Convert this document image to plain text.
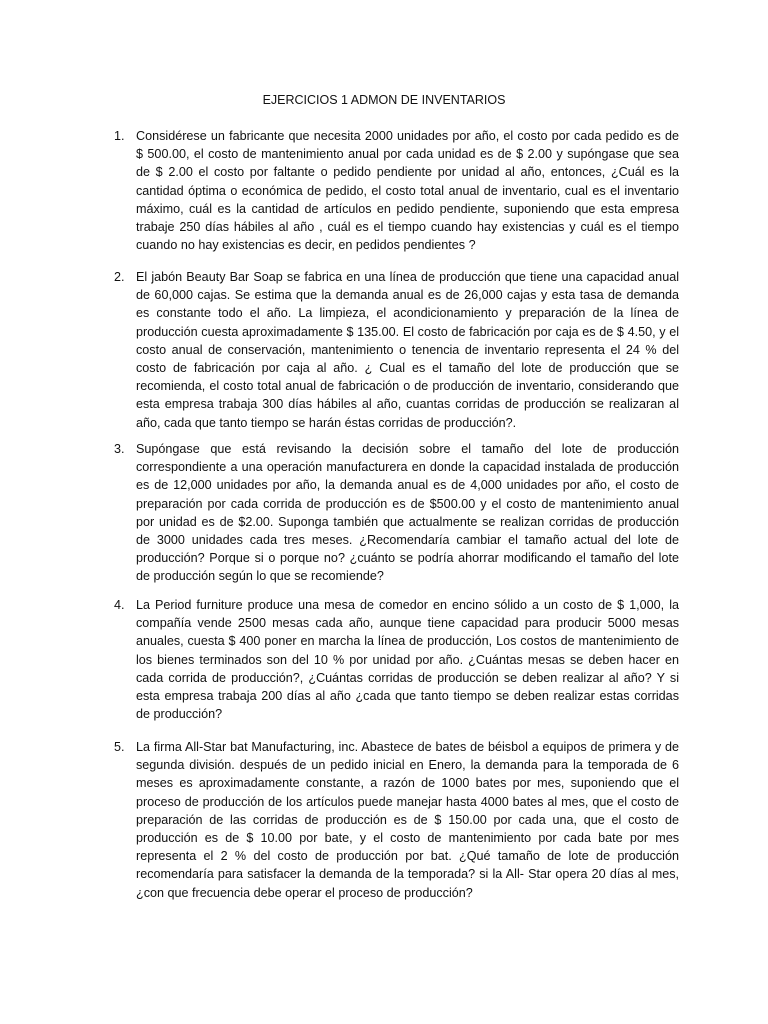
EJERCICIOS 1 ADMON DE INVENTARIOS
1. Considérese un fabricante que necesita 2000 unidades por año, el costo por cada pedido es de $ 500.00, el costo de mantenimiento anual por cada unidad es de $ 2.00 y supóngase que sea de $ 2.00 el costo por faltante o pedido pendiente por unidad al año, entonces, ¿Cuál es la cantidad óptima o económica de pedido, el costo total anual de inventario, cual es el inventario máximo, cuál es la cantidad de artículos en pedido pendiente, suponiendo que esta empresa trabaje 250 días hábiles al año , cuál es el tiempo cuando hay existencias y cuál es el tiempo cuando no hay existencias es decir, en pedidos pendientes ?
2. El jabón Beauty Bar Soap se fabrica en una línea de producción que tiene una capacidad anual de 60,000 cajas. Se estima que la demanda anual es de 26,000 cajas y esta tasa de demanda es constante todo el año. La limpieza, el acondicionamiento y preparación de la línea de producción cuesta aproximadamente $ 135.00. El costo de fabricación por caja es de $ 4.50, y el costo anual de conservación, mantenimiento o tenencia de inventario representa el 24 % del costo de fabricación por caja al año. ¿ Cual es el tamaño del lote de producción que se recomienda, el costo total anual de fabricación o de producción de inventario, considerando que esta empresa trabaja 300 días hábiles al año, cuantas corridas de producción se realizaran al año, cada que tanto tiempo se harán éstas corridas de producción?.
3. Supóngase que está revisando la decisión sobre el tamaño del lote de producción correspondiente a una operación manufacturera en donde la capacidad instalada de producción es de 12,000 unidades por año, la demanda anual es de 4,000 unidades por año, el costo de preparación por cada corrida de producción es de $500.00 y el costo de mantenimiento anual por unidad es de $2.00. Suponga también que actualmente se realizan corridas de producción de 3000 unidades cada tres meses. ¿Recomendaría cambiar el tamaño actual del lote de producción? Porque si o porque no? ¿cuánto se podría ahorrar modificando el tamaño del lote de producción según lo que se recomiende?
4. La Period furniture produce una mesa de comedor en encino sólido a un costo de $ 1,000, la compañía vende 2500 mesas cada año, aunque tiene capacidad para producir 5000 mesas anuales, cuesta $ 400 poner en marcha la línea de producción, Los costos de mantenimiento de los bienes terminados son del 10 % por unidad por año. ¿Cuántas mesas se deben hacer en cada corrida de producción?, ¿Cuántas corridas de producción se deben realizar al año? Y si esta empresa trabaja 200 días al año ¿cada que tanto tiempo se deben realizar estas corridas de producción?
5. La firma All-Star bat Manufacturing, inc. Abastece de bates de béisbol a equipos de primera y de segunda división. después de un pedido inicial en Enero, la demanda para la temporada de 6 meses es aproximadamente constante, a razón de 1000 bates por mes, suponiendo que el proceso de producción de los artículos puede manejar hasta 4000 bates al mes, que el costo de preparación de las corridas de producción es de $ 150.00 por cada una, que el costo de producción es de $ 10.00 por bate, y el costo de mantenimiento por cada bate por mes representa el 2 % del costo de producción por bat. ¿Qué tamaño de lote de producción recomendaría para satisfacer la demanda de la temporada? si la All- Star opera 20 días al mes, ¿con que frecuencia debe operar el proceso de producción?
